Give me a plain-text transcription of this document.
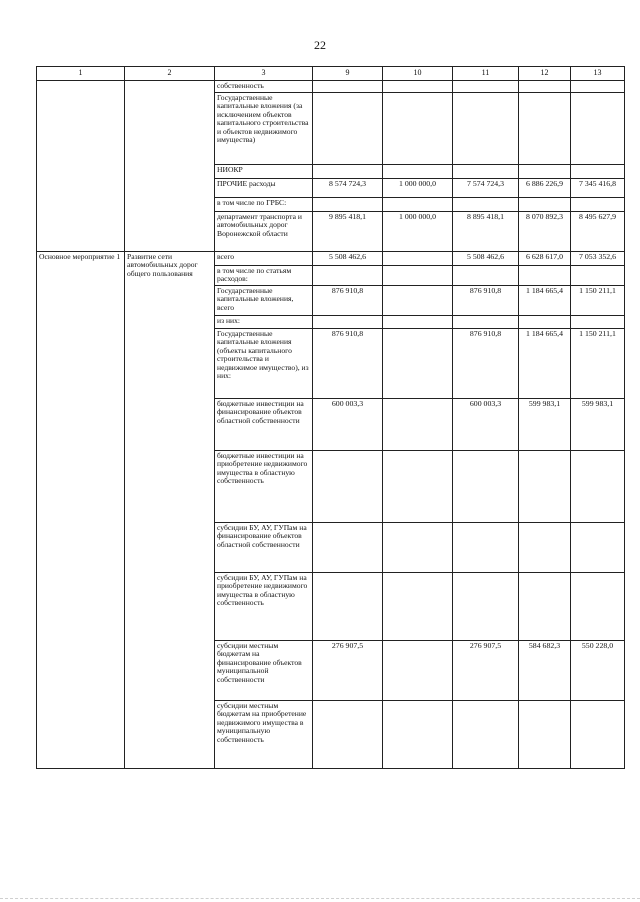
22
1	2	3	9	10	11	12	13
		собственность					
		Государственные капитальные вложения (за исключением объектов капитального строительства и объектов недвижимого имущества)					
		НИОКР					
		ПРОЧИЕ расходы	8 574 724,3	1 000 000,0	7 574 724,3	6 886 226,9	7 345 416,8
		в том числе по ГРБС:					
		департамент транспорта и автомобильных дорог Воронежской области	9 895 418,1	1 000 000,0	8 895 418,1	8 070 892,3	8 495 627,9
Основное мероприятие 1	Развитие сети автомобильных дорог общего пользования	всего	5 508 462,6		5 508 462,6	6 628 617,0	7 053 352,6
		в том числе по статьям расходов:					
		Государственные капитальные вложения, всего	876 910,8		876 910,8	1 184 665,4	1 150 211,1
		из них:					
		Государственные капитальные вложения (объекты капитального строительства и недвижимое имущество), из них:	876 910,8		876 910,8	1 184 665,4	1 150 211,1
		бюджетные инвестиции на финансирование объектов областной собственности	600 003,3		600 003,3	599 983,1	599 983,1
		бюджетные инвестиции на приобретение недвижимого имущества в областную собственность					
		субсидии БУ, АУ, ГУПам на финансирование объектов областной собственности					
		субсидии БУ, АУ, ГУПам на приобретение недвижимого имущества в областную собственность					
		субсидии местным бюджетам на финансирование объектов муниципальной собственности	276 907,5		276 907,5	584 682,3	550 228,0
		субсидии местным бюджетам на приобретение недвижимого имущества в муниципальную собственность					
